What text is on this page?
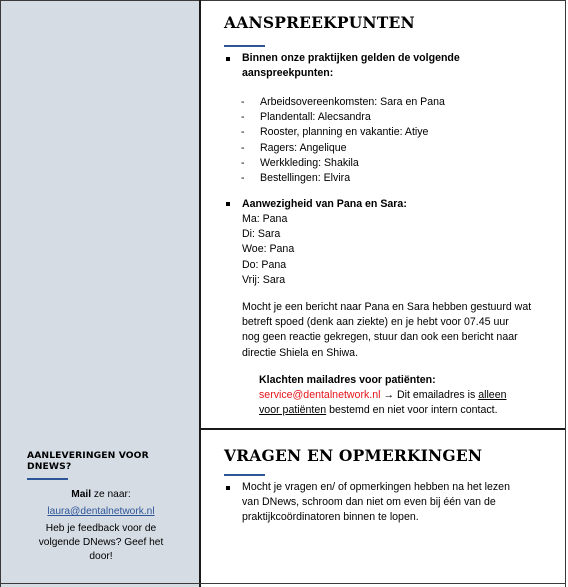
AANLEVERINGEN VOOR
DNEWS?
Mail ze naar:
laura@dentalnetwork.nl
Heb je feedback voor de
volgende DNews? Geef het
door!
AANSPREEKPUNTEN
Binnen onze praktijken gelden de volgende
aanspreekpunten:
- Arbeidsovereenkomsten: Sara en Pana
- Plandentall: Alecsandra
- Rooster, planning en vakantie: Atiye
- Ragers: Angelique
- Werkkleding: Shakila
- Bestellingen: Elvira
Aanwezigheid van Pana en Sara:
Ma: Pana
Di: Sara
Woe: Pana
Do: Pana
Vrij: Sara
Mocht je een bericht naar Pana en Sara hebben gestuurd wat
betreft spoed (denk aan ziekte) en je hebt voor 07.45 uur
nog geen reactie gekregen, stuur dan ook een bericht naar
directie Shiela en Shiwa.
Klachten mailadres voor patiënten:
service@dentalnetwork.nl → Dit emailadres is alleen
voor patiënten bestemd en niet voor intern contact.
VRAGEN EN OPMERKINGEN
Mocht je vragen en/ of opmerkingen hebben na het lezen
van DNews, schroom dan niet om even bij één van de
praktijkcoördinatoren binnen te lopen.
